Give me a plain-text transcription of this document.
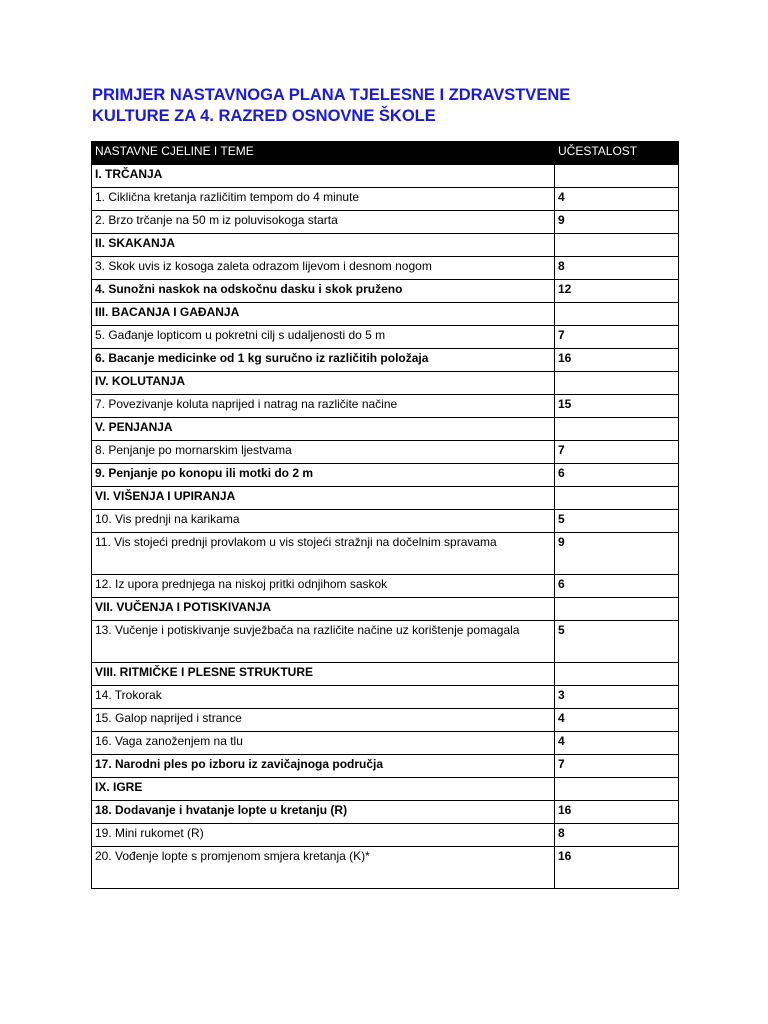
PRIMJER NASTAVNOGA PLANA TJELESNE I ZDRAVSTVENE
KULTURE ZA 4. RAZRED OSNOVNE ŠKOLE
NASTAVNE CJELINE I TEME	UČESTALOST
I. TRČANJA	
1. Ciklična kretanja različitim tempom do 4 minute	4
2. Brzo trčanje na 50 m iz poluvisokoga starta	9
II. SKAKANJA	
3. Skok uvis iz kosoga zaleta odrazom lijevom i desnom nogom	8
4. Sunožni naskok na odskočnu dasku i skok pruženo	12
III. BACANJA I GAĐANJA	
5. Gađanje lopticom u pokretni cilj s udaljenosti do 5 m	7
6. Bacanje medicinke od 1 kg suručno iz različitih položaja	16
IV. KOLUTANJA	
7. Povezivanje koluta naprijed i natrag na različite načine	15
V. PENJANJA	
8. Penjanje po mornarskim ljestvama	7
9. Penjanje po konopu ili motki do 2 m	6
VI. VIŠENJA I UPIRANJA	
10. Vis prednji na karikama	5
11. Vis stojeći prednji provlakom u vis stojeći stražnji na dočelnim spravama	9
12. Iz upora prednjega na niskoj pritki odnjihom saskok	6
VII. VUČENJA I POTISKIVANJA	
13. Vučenje i potiskivanje suvježbača na različite načine uz korištenje pomagala	5
VIII. RITMIČKE I PLESNE STRUKTURE	
14. Trokorak	3
15. Galop naprijed i strance	4
16. Vaga zanoženjem na tlu	4
17. Narodni ples po izboru iz zavičajnoga područja	7
IX. IGRE	
18. Dodavanje i hvatanje lopte u kretanju (R)	16
19. Mini rukomet (R)	8
20. Vođenje lopte s promjenom smjera kretanja (K)*	16
